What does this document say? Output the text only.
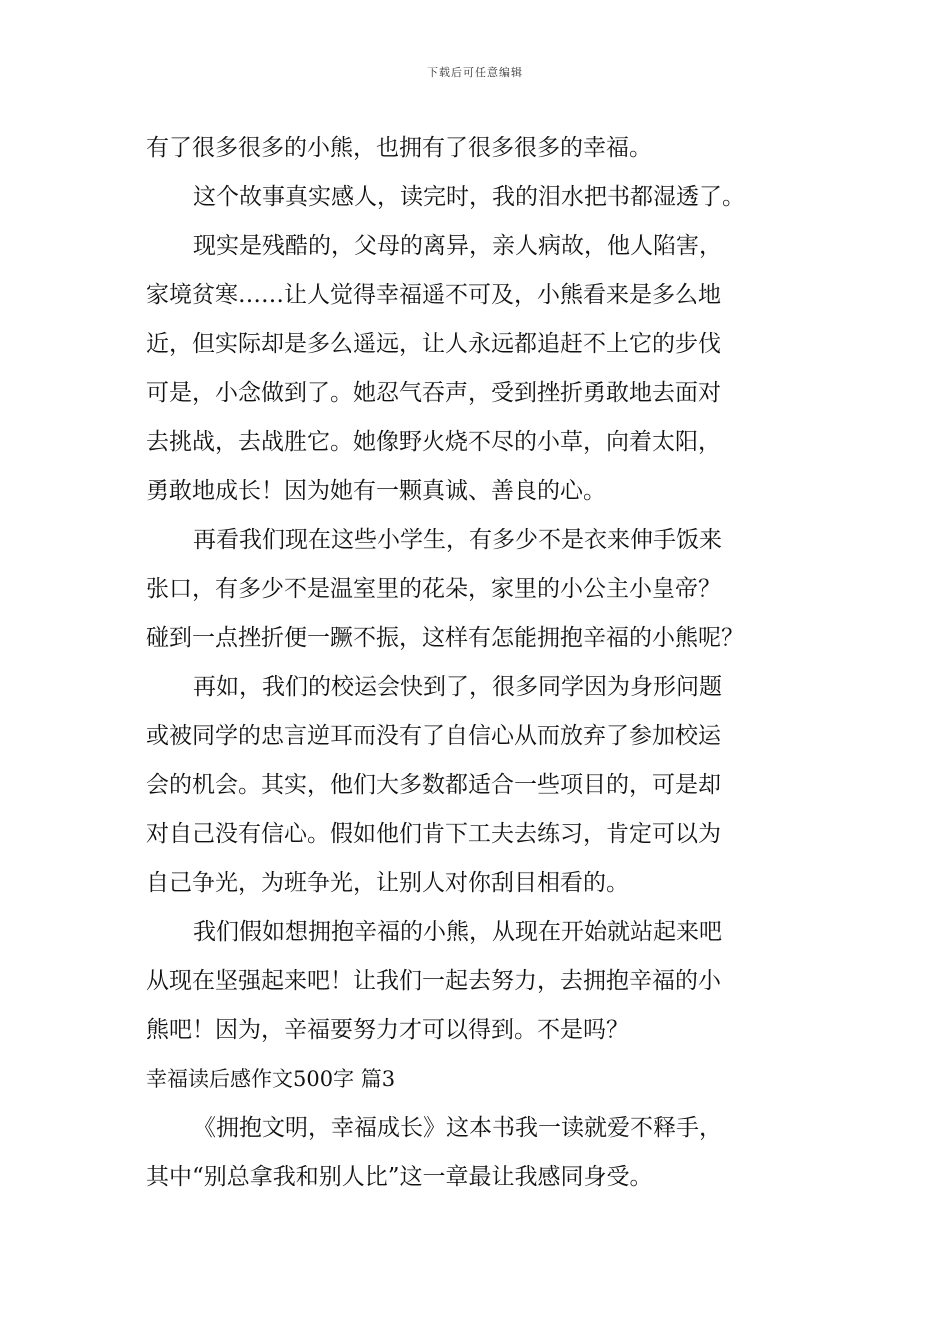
下载后可任意编辑
有了很多很多的小熊，也拥有了很多很多的幸福。
这个故事真实感人，读完时，我的泪水把书都湿透了。
现实是残酷的，父母的离异，亲人病故，他人陷害，
家境贫寒……让人觉得幸福遥不可及，小熊看来是多么地
近，但实际却是多么遥远，让人永远都追赶不上它的步伐
可是，小念做到了。她忍气吞声，受到挫折勇敢地去面对
去挑战，去战胜它。她像野火烧不尽的小草，向着太阳，
勇敢地成长！因为她有一颗真诚、善良的心。
再看我们现在这些小学生，有多少不是衣来伸手饭来
张口，有多少不是温室里的花朵，家里的小公主小皇帝？
碰到一点挫折便一蹶不振，这样有怎能拥抱辛福的小熊呢？
再如，我们的校运会快到了，很多同学因为身形问题
或被同学的忠言逆耳而没有了自信心从而放弃了参加校运
会的机会。其实，他们大多数都适合一些项目的，可是却
对自己没有信心。假如他们肯下工夫去练习，肯定可以为
自己争光，为班争光，让别人对你刮目相看的。
我们假如想拥抱辛福的小熊，从现在开始就站起来吧
从现在坚强起来吧！让我们一起去努力，去拥抱辛福的小
熊吧！因为，辛福要努力才可以得到。不是吗？
幸福读后感作文500字 篇3
《拥抱文明，幸福成长》这本书我一读就爱不释手，
其中“别总拿我和别人比”这一章最让我感同身受。
